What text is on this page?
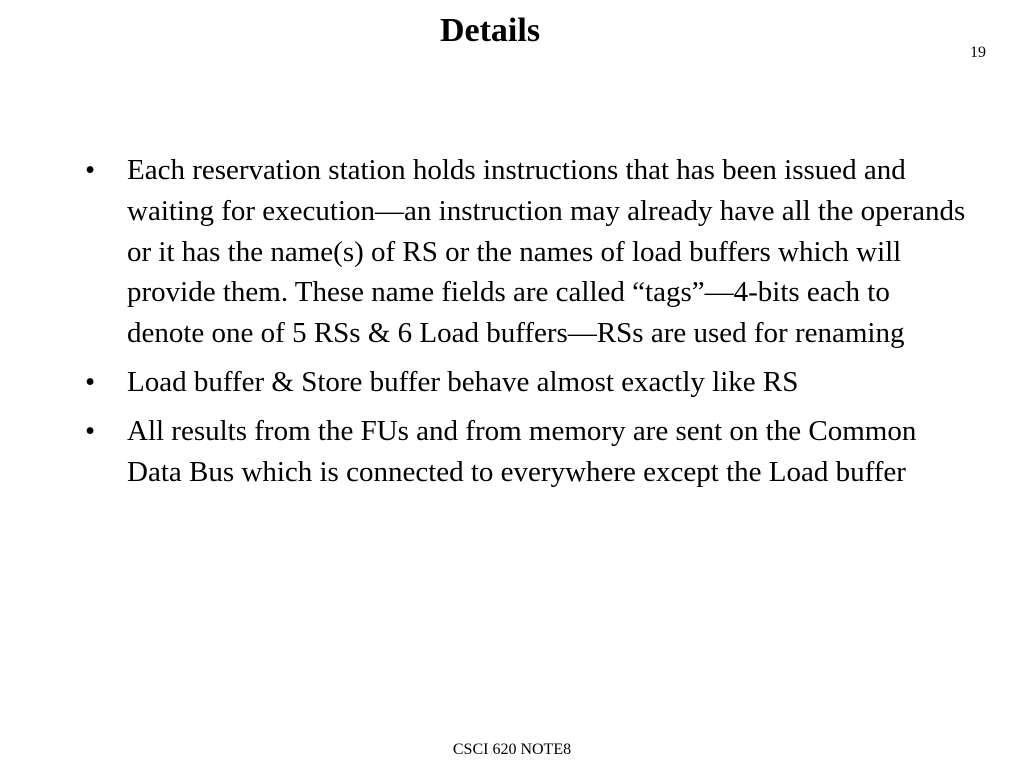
Details
19
• Each reservation station holds instructions that has been issued and waiting for execution—an instruction may already have all the operands or it has the name(s) of RS or the names of load buffers which will provide them. These name fields are called “tags”—4-bits each to denote one of 5 RSs & 6 Load buffers—RSs are used for renaming
• Load buffer & Store buffer behave almost exactly like RS
• All results from the FUs and from memory are sent on the Common Data Bus which is connected to everywhere except the Load buffer
CSCI 620 NOTE8
